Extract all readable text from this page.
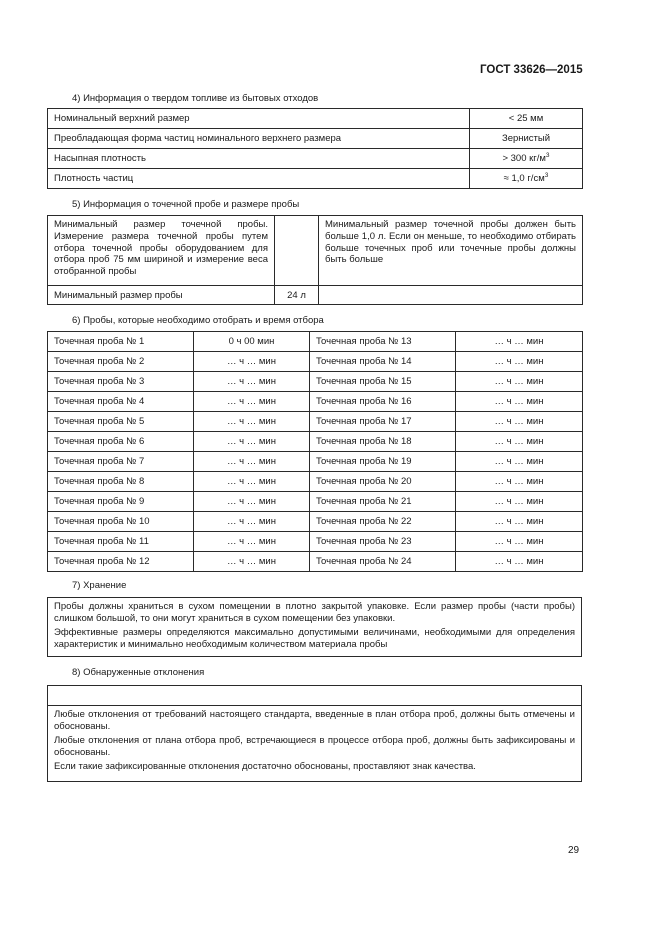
ГОСТ 33626—2015
4) Информация о твердом топливе из бытовых отходов
Номинальный верхний размер	< 25 мм
Преобладающая форма частиц номинального верхнего размера	Зернистый
Насыпная плотность	> 300 $кг/м^3$
Плотность частиц	≈ 1,0 $г/см^3$
5) Информация о точечной пробе и размере пробы
Минимальный размер точечной пробы. Измерение размера точечной пробы путем отбора точечной пробы оборудованием для отбора проб 75 мм шириной и измерение веса отобранной пробы		Минимальный размер точечной пробы должен быть больше 1,0 л. Если он меньше, то необходимо отбирать больше точечных проб или точечные пробы должны быть больше
Минимальный размер пробы	24 л	
6) Пробы, которые необходимо отобрать и время отбора
Точечная проба № 1	0 ч 00 мин	Точечная проба № 13	… ч … мин
Точечная проба № 2	… ч … мин	Точечная проба № 14	… ч … мин
Точечная проба № 3	… ч … мин	Точечная проба № 15	… ч … мин
Точечная проба № 4	… ч … мин	Точечная проба № 16	… ч … мин
Точечная проба № 5	… ч … мин	Точечная проба № 17	… ч … мин
Точечная проба № 6	… ч … мин	Точечная проба № 18	… ч … мин
Точечная проба № 7	… ч … мин	Точечная проба № 19	… ч … мин
Точечная проба № 8	… ч … мин	Точечная проба № 20	… ч … мин
Точечная проба № 9	… ч … мин	Точечная проба № 21	… ч … мин
Точечная проба № 10	… ч … мин	Точечная проба № 22	… ч … мин
Точечная проба № 11	… ч … мин	Точечная проба № 23	… ч … мин
Точечная проба № 12	… ч … мин	Точечная проба № 24	… ч … мин
7) Хранение

Пробы должны храниться в сухом помещении в плотно закрытой упаковке. Если размер пробы (части пробы) слишком большой, то они могут храниться в сухом помещении без упаковки.

Эффективные размеры определяются максимально допустимыми величинами, необходимыми для определения характеристик и минимально необходимым количеством материала пробы

8) Обнаруженные отклонения

Любые отклонения от требований настоящего стандарта, введенные в план отбора проб, должны быть отмечены и обоснованы.

Любые отклонения от плана отбора проб, встречающиеся в процессе отбора проб, должны быть зафиксированы и обоснованы.

Если такие зафиксированные отклонения достаточно обоснованы, проставляют знак качества.

29
